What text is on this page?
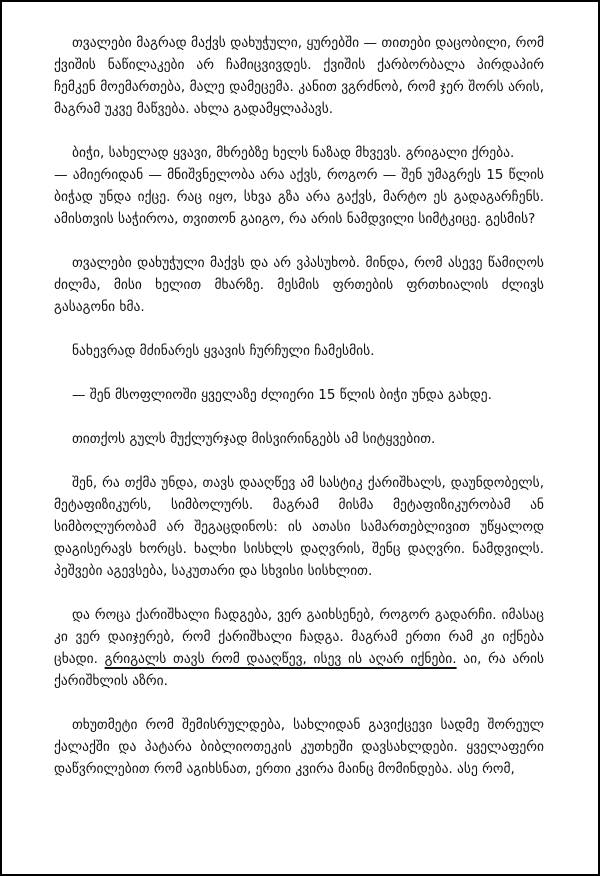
თვალები მაგრად მაქვს დახუჭული, ყურებში — თითები დაცობილი, რომ ქვიშის ნაწილაკები არ ჩამიცვივდეს. ქვიშის ქარბორბალა პირდაპირ ჩემკენ მოემართება, მალე დამეცემა. კანით ვგრძნობ, რომ ჯერ შორს არის, მაგრამ უკვე მაწვება. ახლა გადამყლაპავს.

ბიჭი, სახელად ყვავი, მხრებზე ხელს ნაზად მხვევს. გრიგალი ქრება.
— ამიერიდან — მნიშვნელობა არა აქვს, როგორ — შენ უმაგრეს 15 წლის ბიჭად უნდა იქცე. რაც იყო, სხვა გზა არა გაქვს, მარტო ეს გადაგარჩენს. ამისთვის საჭიროა, თვითონ გაიგო, რა არის ნამდვილი სიმტკიცე. გესმის?

თვალები დახუჭული მაქვს და არ ვპასუხობ. მინდა, რომ ასევე წამიღოს ძილმა, მისი ხელით მხარზე. მესმის ფრთების ფრთხიალის ძლივს გასაგონი ხმა.

ნახევრად მძინარეს ყვავის ჩურჩული ჩამესმის.

— შენ მსოფლიოში ყველაზე ძლიერი 15 წლის ბიჭი უნდა გახდე.

თითქოს გულს მუქლურჯად მისვირინგებს ამ სიტყვებით.

შენ, რა თქმა უნდა, თავს დააღწევ ამ სასტიკ ქარიშხალს, დაუნდობელს, მეტაფიზიკურს, სიმბოლურს. მაგრამ მისმა მეტაფიზიკურობამ ან სიმბოლურობამ არ შეგაცდინოს: ის ათასი სამართებლივით უწყალოდ დაგისერავს ხორცს. ხალხი სისხლს დაღვრის, შენც დაღვრი. ნამდვილს. პეშვები აგევსება, საკუთარი და სხვისი სისხლით.

და როცა ქარიშხალი ჩადგება, ვერ გაიხსენებ, როგორ გადარჩი. იმასაც კი ვერ დაიჯერებ, რომ ქარიშხალი ჩადგა. მაგრამ ერთი რამ კი იქნება ცხადი. გრიგალს თავს რომ დააღწევ, ისევ ის აღარ იქნები. აი, რა არის ქარიშხლის აზრი.

თხუთმეტი რომ შემისრულდება, სახლიდან გავიქცევი სადმე შორეულ ქალაქში და პატარა ბიბლიოთეკის კუთხეში დავსახლდები. ყველაფერი დაწვრილებით რომ აგიხსნათ, ერთი კვირა მაინც მომინდება. ასე რომ,
